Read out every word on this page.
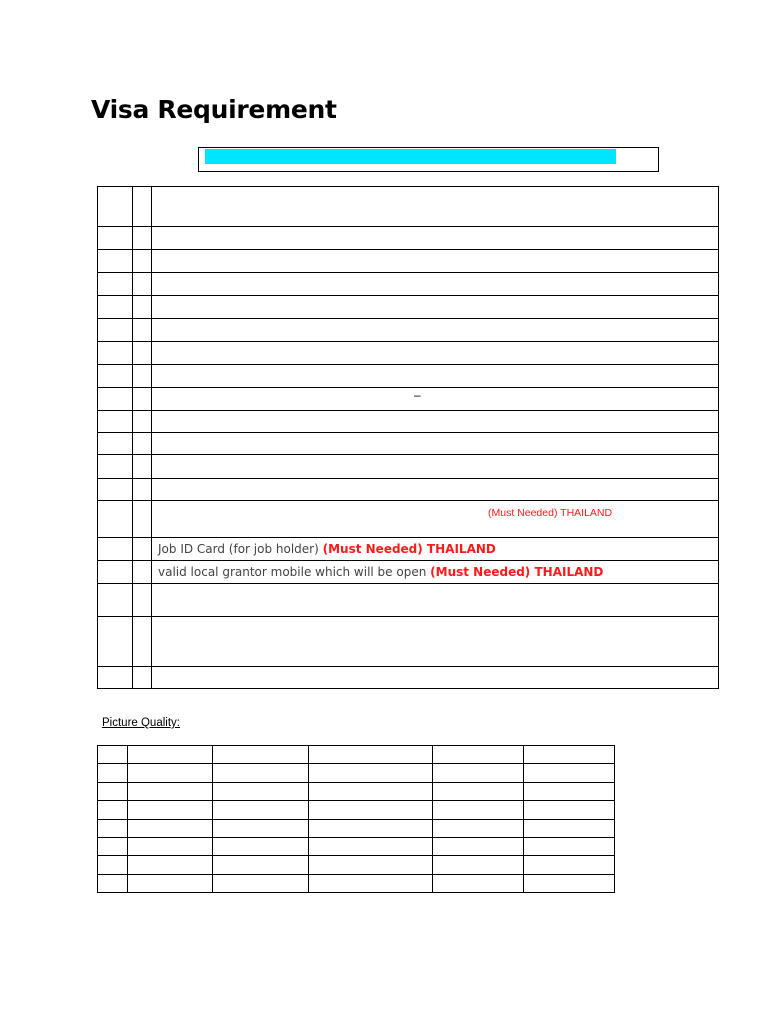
Visa Requirement

		–

		(Must Needed) THAILAND

		Job ID Card (for job holder) (Must Needed) THAILAND
		valid local grantor mobile which will be open (Must Needed) THAILAND

Picture Quality:
